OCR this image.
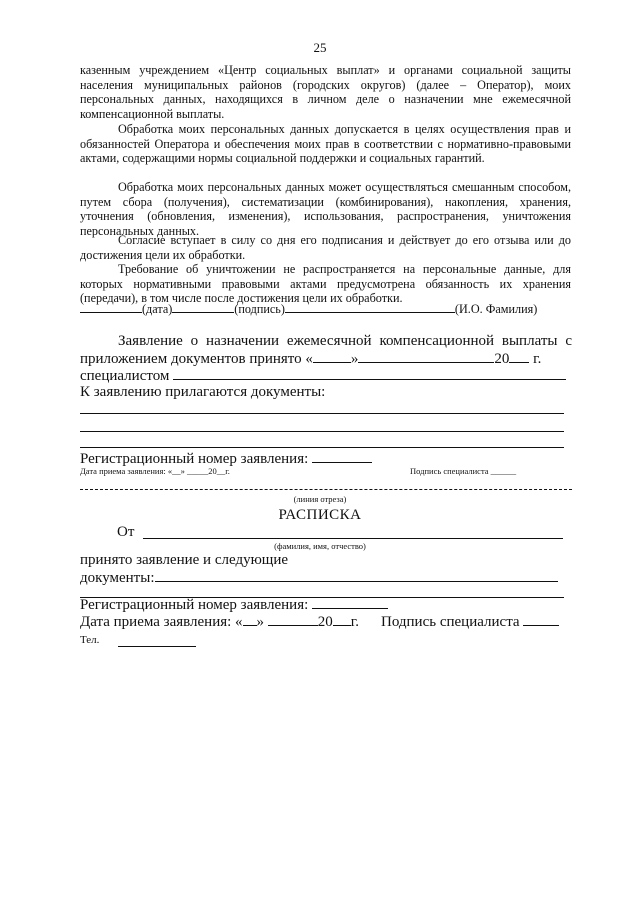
25

казенным учреждением «Центр социальных выплат» и органами социальной защиты населения муниципальных районов (городских округов) (далее – Оператор), моих персональных данных, находящихся в личном деле о назначении мне ежемесячной компенсационной выплаты.

Обработка моих персональных данных допускается в целях осуществления прав и обязанностей Оператора и обеспечения моих прав в соответствии с нормативно-правовыми актами, содержащими нормы социальной поддержки и социальных гарантий.

Обработка моих персональных данных может осуществляться смешанным способом, путем сбора (получения), систематизации (комбинирования), накопления, хранения, уточнения (обновления, изменения), использования, распространения, уничтожения персональных данных.

Согласие вступает в силу со дня его подписания и действует до его отзыва или до достижения цели их обработки.

Требование об уничтожении не распространяется на персональные данные, для которых нормативными правовыми актами предусмотрена обязанность их хранения (передачи), в том числе после достижения цели их обработки.

(дата)	(подпись)	(И.О. Фамилия)

Заявление о назначении ежемесячной компенсационной выплаты с

приложением документов принято «	»	20 г.
специалистом
К заявлению прилагаются документы:
Регистрационный номер заявления:
Дата приема заявления: «__» _____20__г.	Подпись специалиста ______
(линия отреза)
РАСПИСКА
От
(фамилия, имя, отчество)
принято заявление и следующие
документы:
Регистрационный номер заявления:
Дата приема заявления: « »	20 г. Подпись специалиста
Тел.
